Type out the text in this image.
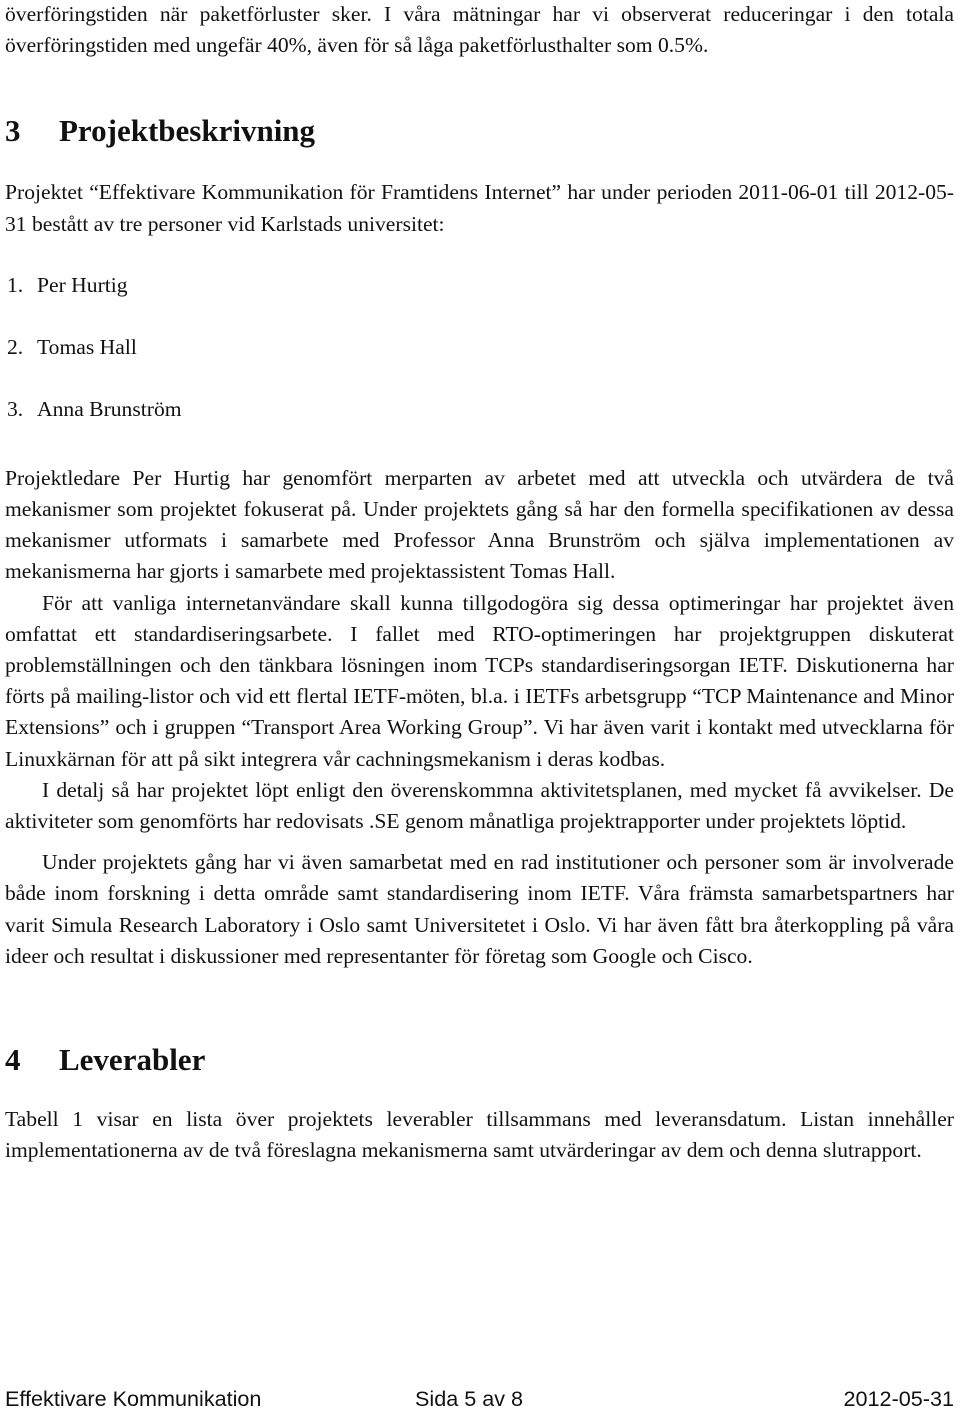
överföringstiden när paketförluster sker. I våra mätningar har vi observerat reduceringar i den totala överföringstiden med ungefär 40%, även för så låga paketförlusthalter som 0.5%.

3 Projektbeskrivning

Projektet “Effektivare Kommunikation för Framtidens Internet” har under perioden 2011-06-01 till 2012-05-31 bestått av tre personer vid Karlstads universitet:

1. Per Hurtig
2. Tomas Hall
3. Anna Brunström

Projektledare Per Hurtig har genomfört merparten av arbetet med att utveckla och utvärdera de två mekanismer som projektet fokuserat på. Under projektets gång så har den formella specifikationen av dessa mekanismer utformats i samarbete med Professor Anna Brunström och själva implementationen av mekanismerna har gjorts i samarbete med projektassistent Tomas Hall.

För att vanliga internetanvändare skall kunna tillgodogöra sig dessa optimeringar har projektet även omfattat ett standardiseringsarbete. I fallet med RTO-optimeringen har projektgruppen diskuterat problemställningen och den tänkbara lösningen inom TCPs standardiseringsorgan IETF. Diskutionerna har förts på mailing-listor och vid ett flertal IETF-möten, bl.a. i IETFs arbetsgrupp “TCP Maintenance and Minor Extensions” och i gruppen “Transport Area Working Group”. Vi har även varit i kontakt med utvecklarna för Linuxkärnan för att på sikt integrera vår cachningsmekanism i deras kodbas.

I detalj så har projektet löpt enligt den överenskommna aktivitetsplanen, med mycket få avvikelser. De aktiviteter som genomförts har redovisats .SE genom månatliga projektrapporter under projektets löptid.

Under projektets gång har vi även samarbetat med en rad institutioner och personer som är involverade både inom forskning i detta område samt standardisering inom IETF. Våra främsta samarbetspartners har varit Simula Research Laboratory i Oslo samt Universitetet i Oslo. Vi har även fått bra återkoppling på våra ideer och resultat i diskussioner med representanter för företag som Google och Cisco.

4 Leverabler

Tabell 1 visar en lista över projektets leverabler tillsammans med leveransdatum. Listan innehåller implementationerna av de två föreslagna mekanismerna samt utvärderingar av dem och denna slutrapport.

Effektivare Kommunikation	Sida 5 av 8	2012-05-31
